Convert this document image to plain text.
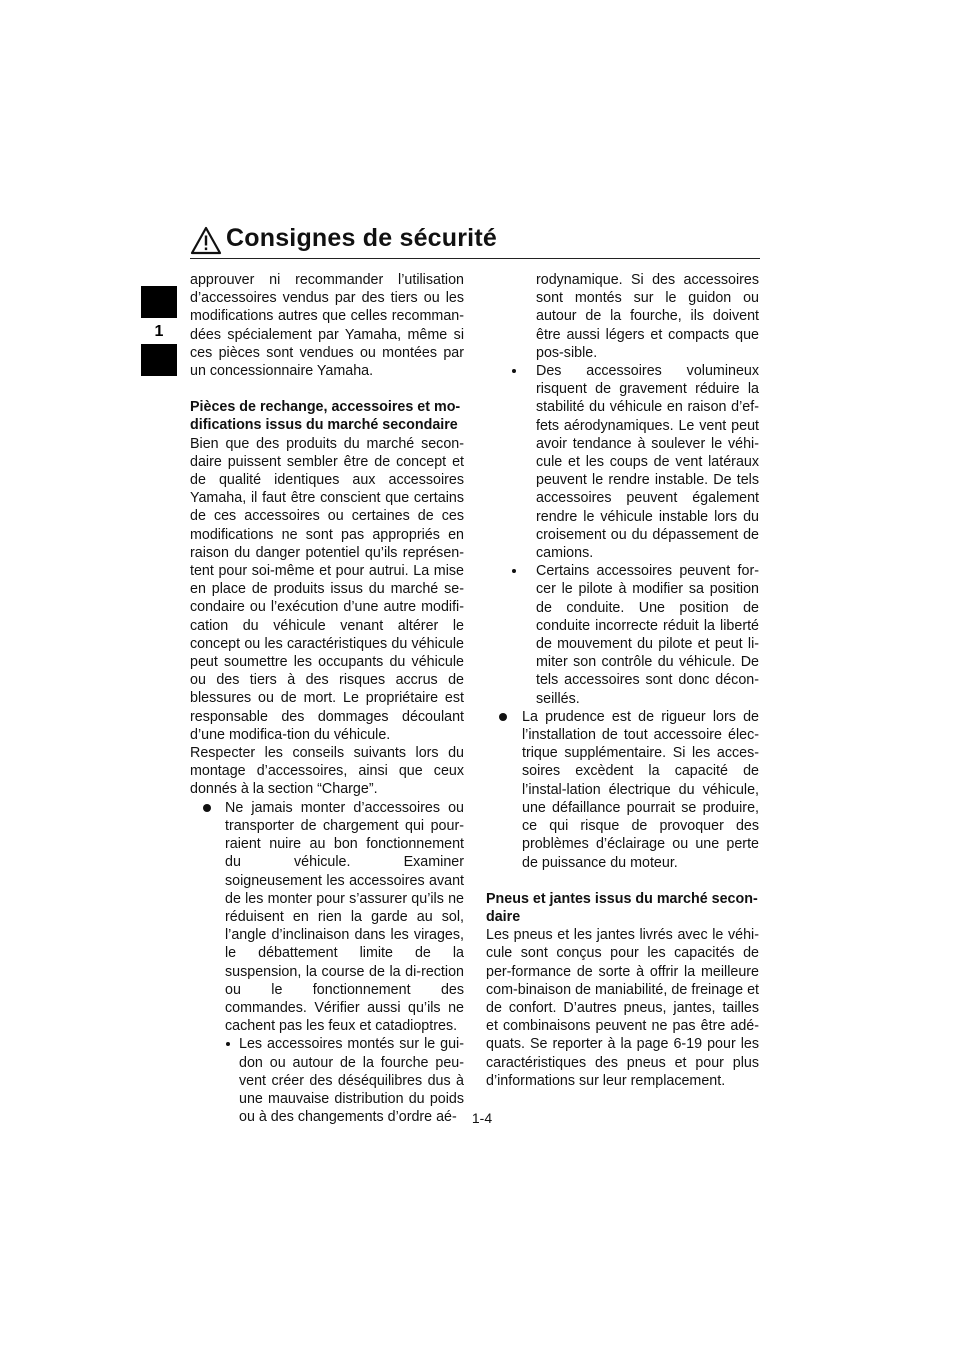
Consignes de sécurité
1

approuver ni recommander l’utilisation d’accessoires vendus par des tiers ou les modifications autres que celles recomman-dées spécialement par Yamaha, même si ces pièces sont vendues ou montées par un concessionnaire Yamaha.

Pièces de rechange, accessoires et mo-difications issus du marché secondaire

Bien que des produits du marché secon-daire puissent sembler être de concept et de qualité identiques aux accessoires Yamaha, il faut être conscient que certains de ces accessoires ou certaines de ces modifications ne sont pas appropriés en raison du danger potentiel qu’ils représen-tent pour soi-même et pour autrui. La mise en place de produits issus du marché se-condaire ou l’exécution d’une autre modifi-cation du véhicule venant altérer le concept ou les caractéristiques du véhicule peut soumettre les occupants du véhicule ou des tiers à des risques accrus de blessures ou de mort. Le propriétaire est responsable des dommages découlant d’une modifica-tion du véhicule.

Respecter les conseils suivants lors du montage d’accessoires, ainsi que ceux donnés à la section “Charge”.

Ne jamais monter d’accessoires ou transporter de chargement qui pour-raient nuire au bon fonctionnement du véhicule. Examiner soigneusement les accessoires avant de les monter pour s’assurer qu’ils ne réduisent en rien la garde au sol, l’angle d’inclinaison dans les virages, le débattement limite de la suspension, la course de la di-rection ou le fonctionnement des commandes. Vérifier aussi qu’ils ne cachent pas les feux et catadioptres.

Les accessoires montés sur le gui-don ou autour de la fourche peu-vent créer des déséquilibres dus à une mauvaise distribution du poids ou à des changements d’ordre aé-

rodynamique. Si des accessoires sont montés sur le guidon ou autour de la fourche, ils doivent être aussi légers et compacts que pos-sible.

Des accessoires volumineux risquent de gravement réduire la stabilité du véhicule en raison d’ef-fets aérodynamiques. Le vent peut avoir tendance à soulever le véhi-cule et les coups de vent latéraux peuvent le rendre instable. De tels accessoires peuvent également rendre le véhicule instable lors du croisement ou du dépassement de camions.

Certains accessoires peuvent for-cer le pilote à modifier sa position de conduite. Une position de conduite incorrecte réduit la liberté de mouvement du pilote et peut li-miter son contrôle du véhicule. De tels accessoires sont donc décon-seillés.

La prudence est de rigueur lors de l’installation de tout accessoire élec-trique supplémentaire. Si les acces-soires excèdent la capacité de l’instal-lation électrique du véhicule, une défaillance pourrait se produire, ce qui risque de provoquer des problèmes d’éclairage ou une perte de puissance du moteur.

Pneus et jantes issus du marché secon-daire

Les pneus et les jantes livrés avec le véhi-cule sont conçus pour les capacités de per-formance de sorte à offrir la meilleure com-binaison de maniabilité, de freinage et de confort. D’autres pneus, jantes, tailles et combinaisons peuvent ne pas être adé-quats. Se reporter à la page 6-19 pour les caractéristiques des pneus et pour plus d’informations sur leur remplacement.

1-4
